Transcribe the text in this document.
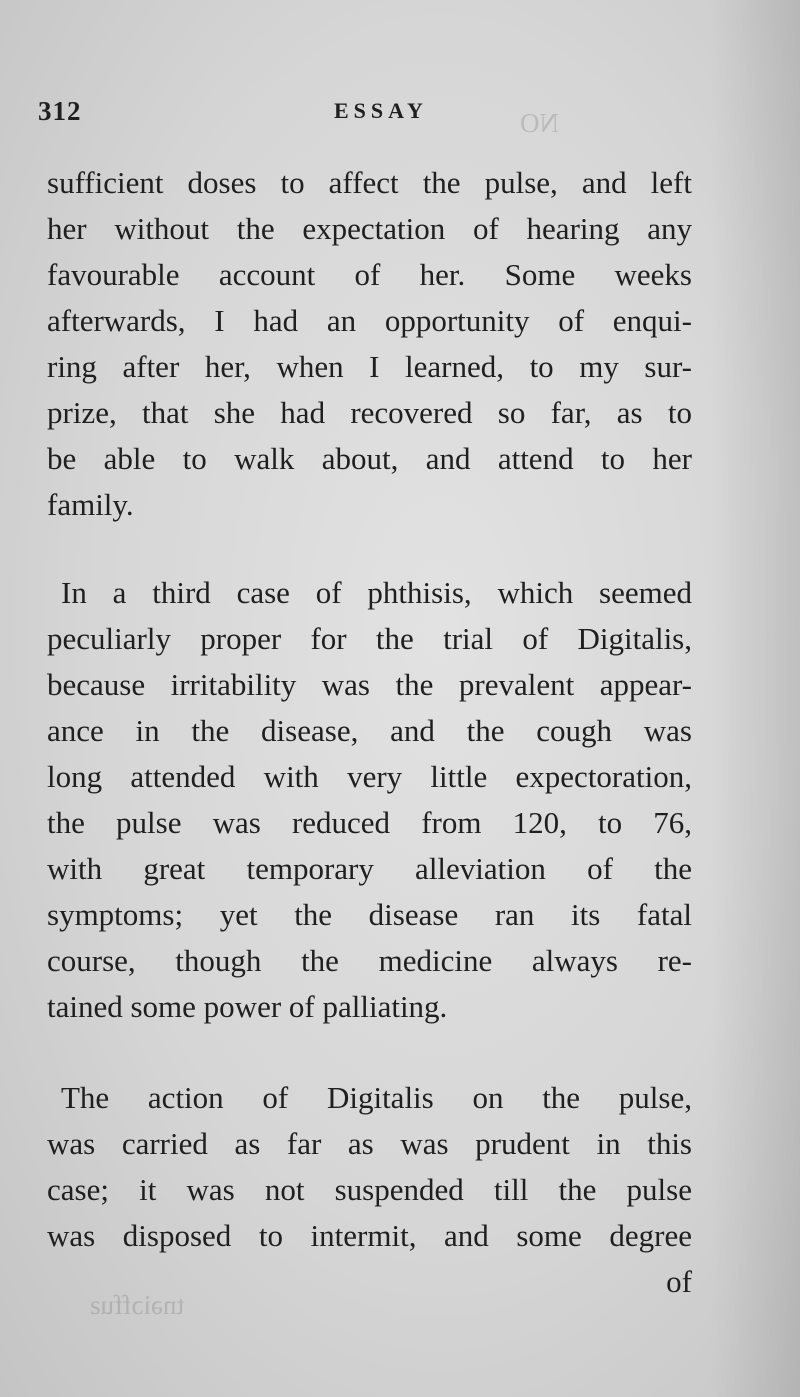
NO
tnəiɔffuƨ
312	ESSAY
sufficient doses to affect the pulse, and left
her without the expectation of hearing any
favourable account of her. Some weeks
afterwards, I had an opportunity of enqui-
ring after her, when I learned, to my sur-
prize, that she had recovered so far, as to
be able to walk about, and attend to her
family.
In a third case of phthisis, which seemed
peculiarly proper for the trial of Digitalis,
because irritability was the prevalent appear-
ance in the disease, and the cough was
long attended with very little expectoration,
the pulse was reduced from 120, to 76,
with great temporary alleviation of the
symptoms; yet the disease ran its fatal
course, though the medicine always re-
tained some power of palliating.
The action of Digitalis on the pulse,
was carried as far as was prudent in this
case; it was not suspended till the pulse
was disposed to intermit, and some degree
of
